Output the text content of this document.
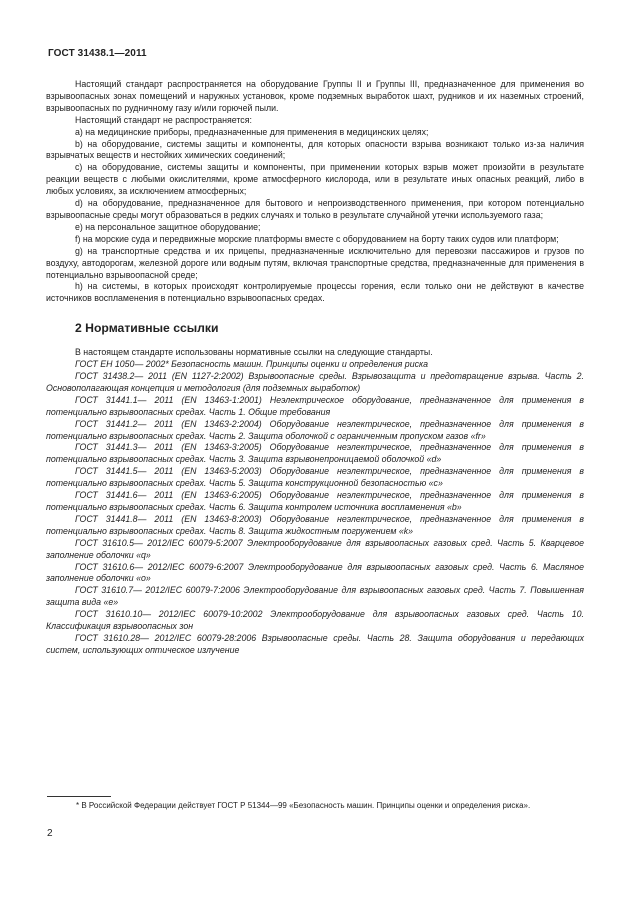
ГОСТ 31438.1—2011

Настоящий стандарт распространяется на оборудование Группы II и Группы III, предназначенное для применения во взрывоопасных зонах помещений и наружных установок, кроме подземных выработок шахт, рудников и их наземных строений, взрывоопасных по рудничному газу и/или горючей пыли.

Настоящий стандарт не распространяется:

а) на медицинские приборы, предназначенные для применения в медицинских целях;

b) на оборудование, системы защиты и компоненты, для которых опасности взрыва возникают только из-за наличия взрывчатых веществ и нестойких химических соединений;

c) на оборудование, системы защиты и компоненты, при применении которых взрыв может произойти в результате реакции веществ с любыми окислителями, кроме атмосферного кислорода, или в результате иных опасных реакций, либо в любых условиях, за исключением атмосферных;

d) на оборудование, предназначенное для бытового и непроизводственного применения, при котором потенциально взрывоопасные среды могут образоваться в редких случаях и только в результате случайной утечки используемого газа;

e) на персональное защитное оборудование;

f) на морские суда и передвижные морские платформы вместе с оборудованием на борту таких судов или платформ;

g) на транспортные средства и их прицепы, предназначенные исключительно для перевозки пассажиров и грузов по воздуху, автодорогам, железной дороге или водным путям, включая транспортные средства, предназначенные для применения в потенциально взрывоопасной среде;

h) на системы, в которых происходят контролируемые процессы горения, если только они не действуют в качестве источников воспламенения в потенциально взрывоопасных средах.

2 Нормативные ссылки

В настоящем стандарте использованы нормативные ссылки на следующие стандарты.

ГОСТ ЕН 1050— 2002* Безопасность машин. Принципы оценки и определения риска

ГОСТ 31438.2— 2011 (EN 1127-2:2002) Взрывоопасные среды. Взрывозащита и предотвращение взрыва. Часть 2. Основополагающая концепция и методология (для подземных выработок)

ГОСТ 31441.1— 2011 (EN 13463-1:2001) Неэлектрическое оборудование, предназначенное для применения в потенциально взрывоопасных средах. Часть 1. Общие требования

ГОСТ 31441.2— 2011 (EN 13463-2:2004) Оборудование неэлектрическое, предназначенное для применения в потенциально взрывоопасных средах. Часть 2. Защита оболочкой с ограниченным пропуском газов «fr»

ГОСТ 31441.3— 2011 (EN 13463-3:2005) Оборудование неэлектрическое, предназначенное для применения в потенциально взрывоопасных средах. Часть 3. Защита взрывонепроницаемой оболочкой «d»

ГОСТ 31441.5— 2011 (EN 13463-5:2003) Оборудование неэлектрическое, предназначенное для применения в потенциально взрывоопасных средах. Часть 5. Защита конструкционной безопасностью «c»

ГОСТ 31441.6— 2011 (EN 13463-6:2005) Оборудование неэлектрическое, предназначенное для применения в потенциально взрывоопасных средах. Часть 6. Защита контролем источника воспламенения «b»

ГОСТ 31441.8— 2011 (EN 13463-8:2003) Оборудование неэлектрическое, предназначенное для применения в потенциально взрывоопасных средах. Часть 8. Защита жидкостным погружением «k»

ГОСТ 31610.5— 2012/IEC 60079-5:2007 Электрооборудование для взрывоопасных газовых сред. Часть 5. Кварцевое заполнение оболочки «q»

ГОСТ 31610.6— 2012/IEC 60079-6:2007 Электрооборудование для взрывоопасных газовых сред. Часть 6. Масляное заполнение оболочки «o»

ГОСТ 31610.7— 2012/IEC 60079-7:2006 Электрооборудование для взрывоопасных газовых сред. Часть 7. Повышенная защита вида «e»

ГОСТ 31610.10— 2012/IEC 60079-10:2002 Электрооборудование для взрывоопасных газовых сред. Часть 10. Классификация взрывоопасных зон

ГОСТ 31610.28— 2012/IEC 60079-28:2006 Взрывоопасные среды. Часть 28. Защита оборудования и передающих систем, использующих оптическое излучение

* В Российской Федерации действует ГОСТ Р 51344—99 «Безопасность машин. Принципы оценки и определения риска».

2
